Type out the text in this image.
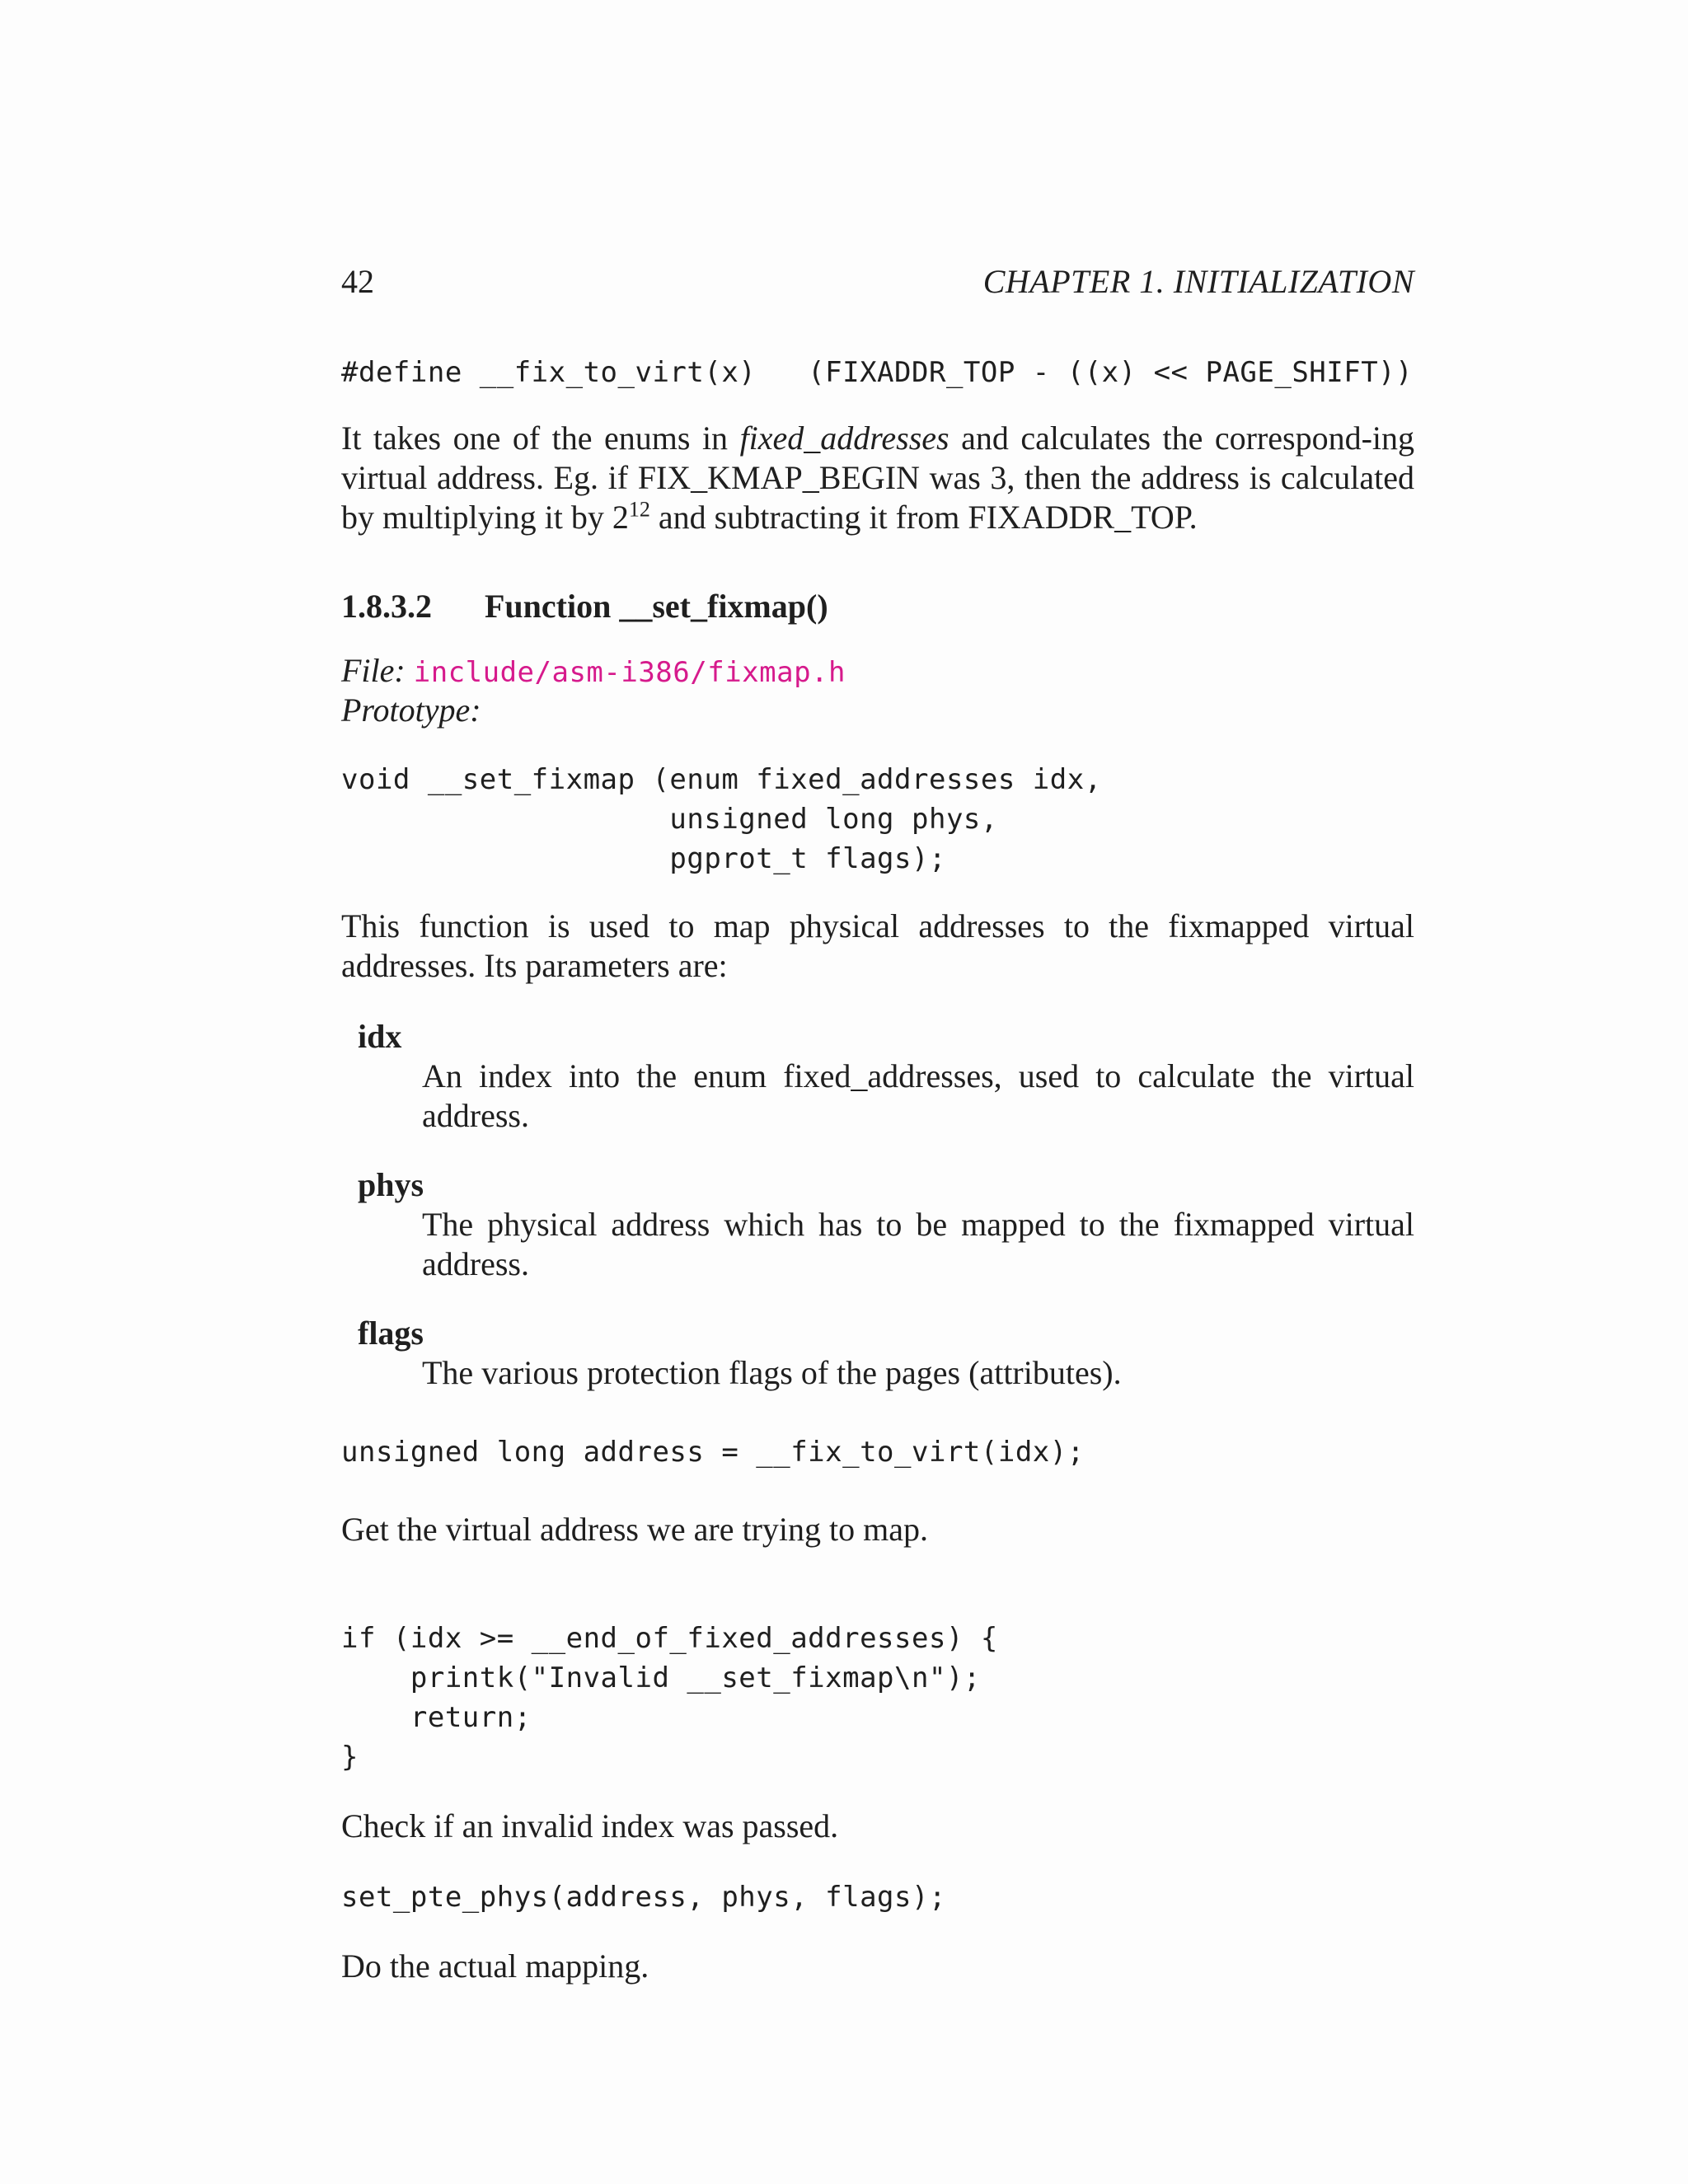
42	CHAPTER 1. INITIALIZATION
#define __fix_to_virt(x)   (FIXADDR_TOP - ((x) << PAGE_SHIFT))
It takes one of the enums in fixed_addresses and calculates the correspond-ing virtual address. Eg. if FIX_KMAP_BEGIN was 3, then the address is calculated by multiplying it by $2^{12}$ and subtracting it from FIXADDR_TOP.
1.8.3.2 Function __set_fixmap()
File: include/asm-i386/fixmap.h
Prototype:
void __set_fixmap (enum fixed_addresses idx,
unsigned long phys,
pgprot_t flags);
This function is used to map physical addresses to the fixmapped virtual addresses. Its parameters are:
idx
An index into the enum fixed_addresses, used to calculate the virtual address.
phys
The physical address which has to be mapped to the fixmapped virtual address.
flags
The various protection flags of the pages (attributes).
unsigned long address = __fix_to_virt(idx);
Get the virtual address we are trying to map.
if (idx >= __end_of_fixed_addresses) {
printk("Invalid __set_fixmap\n");
return;
}
Check if an invalid index was passed.
set_pte_phys(address, phys, flags);
Do the actual mapping.
